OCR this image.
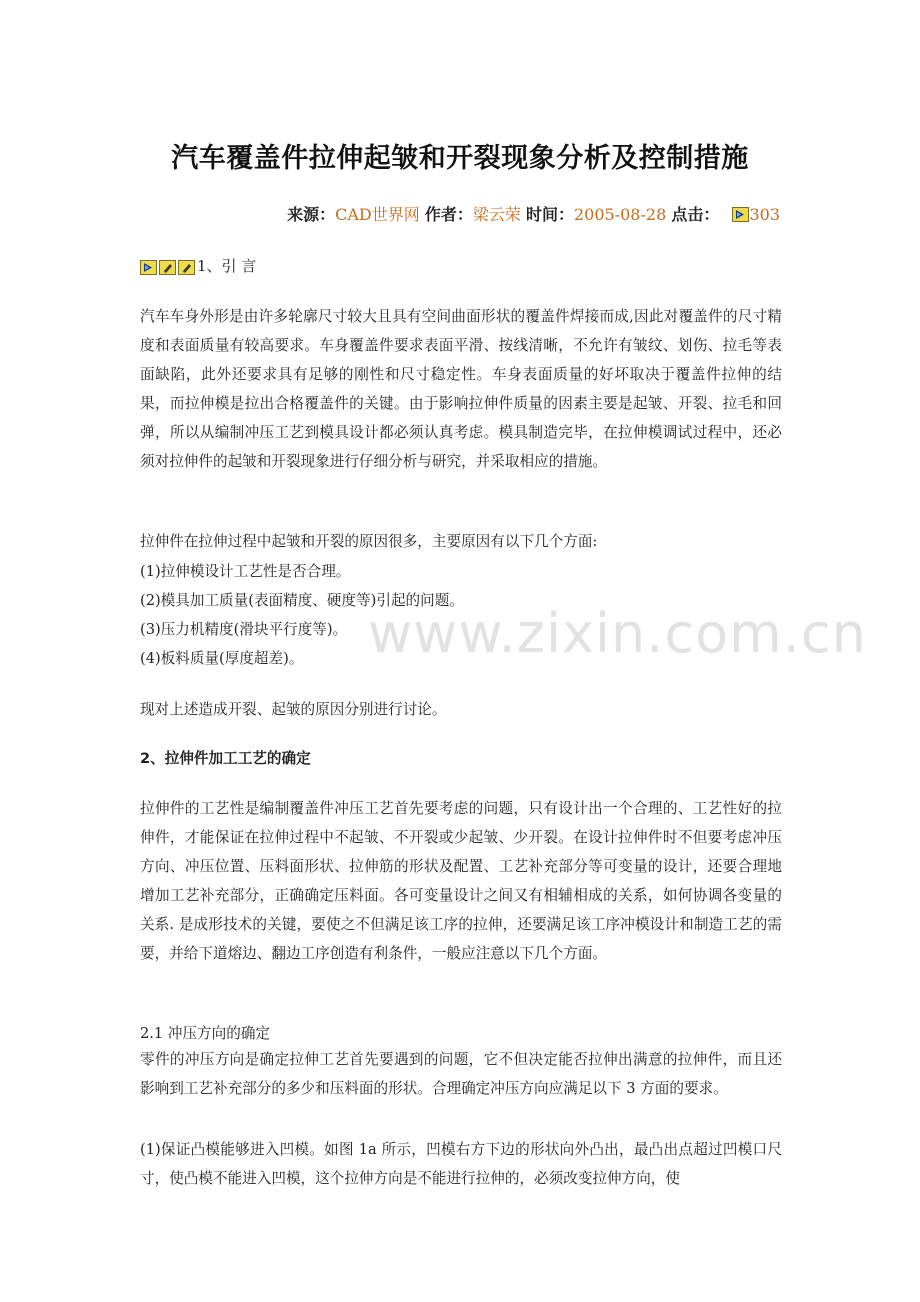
汽车覆盖件拉伸起皱和开裂现象分析及控制措施
来源：CAD世界网 作者：梁云荣 时间：2005-08-28 点击： 303
1、引 言

汽车车身外形是由许多轮廓尺寸较大且具有空间曲面形状的覆盖件焊接而成,因此对覆盖件的尺寸精度和表面质量有较高要求。车身覆盖件要求表面平滑、按线清晰，不允许有皱纹、划伤、拉毛等表面缺陷，此外还要求具有足够的刚性和尺寸稳定性。车身表面质量的好坏取决于覆盖件拉伸的结果，而拉伸模是拉出合格覆盖件的关键。由于影响拉伸件质量的因素主要是起皱、开裂、拉毛和回弹，所以从编制冲压工艺到模具设计都必须认真考虑。模具制造完毕，在拉伸模调试过程中，还必须对拉伸件的起皱和开裂现象进行仔细分析与研究，并采取相应的措施。

拉伸件在拉伸过程中起皱和开裂的原因很多，主要原因有以下几个方面:
(1)拉伸模设计工艺性是否合理。
(2)模具加工质量(表面精度、硬度等)引起的问题。
(3)压力机精度(滑块平行度等)。
(4)板料质量(厚度超差)。
现对上述造成开裂、起皱的原因分别进行讨论。
2、拉伸件加工工艺的确定

拉伸件的工艺性是编制覆盖件冲压工艺首先要考虑的问题，只有设计出一个合理的、工艺性好的拉伸件，才能保证在拉伸过程中不起皱、不开裂或少起皱、少开裂。在设计拉伸件时不但要考虑冲压方向、冲压位置、压料面形状、拉伸筋的形状及配置、工艺补充部分等可变量的设计，还要合理地增加工艺补充部分，正确确定压料面。各可变量设计之间又有相辅相成的关系，如何协调各变量的关系. 是成形技术的关键，要使之不但满足该工序的拉伸，还要满足该工序冲模设计和制造工艺的需要，并给下道熔边、翻边工序创造有利条件，一般应注意以下几个方面。

2.1 冲压方向的确定

零件的冲压方向是确定拉伸工艺首先要遇到的问题，它不但决定能否拉伸出满意的拉伸件，而且还影响到工艺补充部分的多少和压料面的形状。合理确定冲压方向应满足以下 3 方面的要求。

(1)保证凸模能够进入凹模。如图 1a 所示，凹模右方下边的形状向外凸出，最凸出点超过凹模口尺寸，使凸模不能进入凹模，这个拉伸方向是不能进行拉伸的，必须改变拉伸方向，使

www.zixin.com.cn
